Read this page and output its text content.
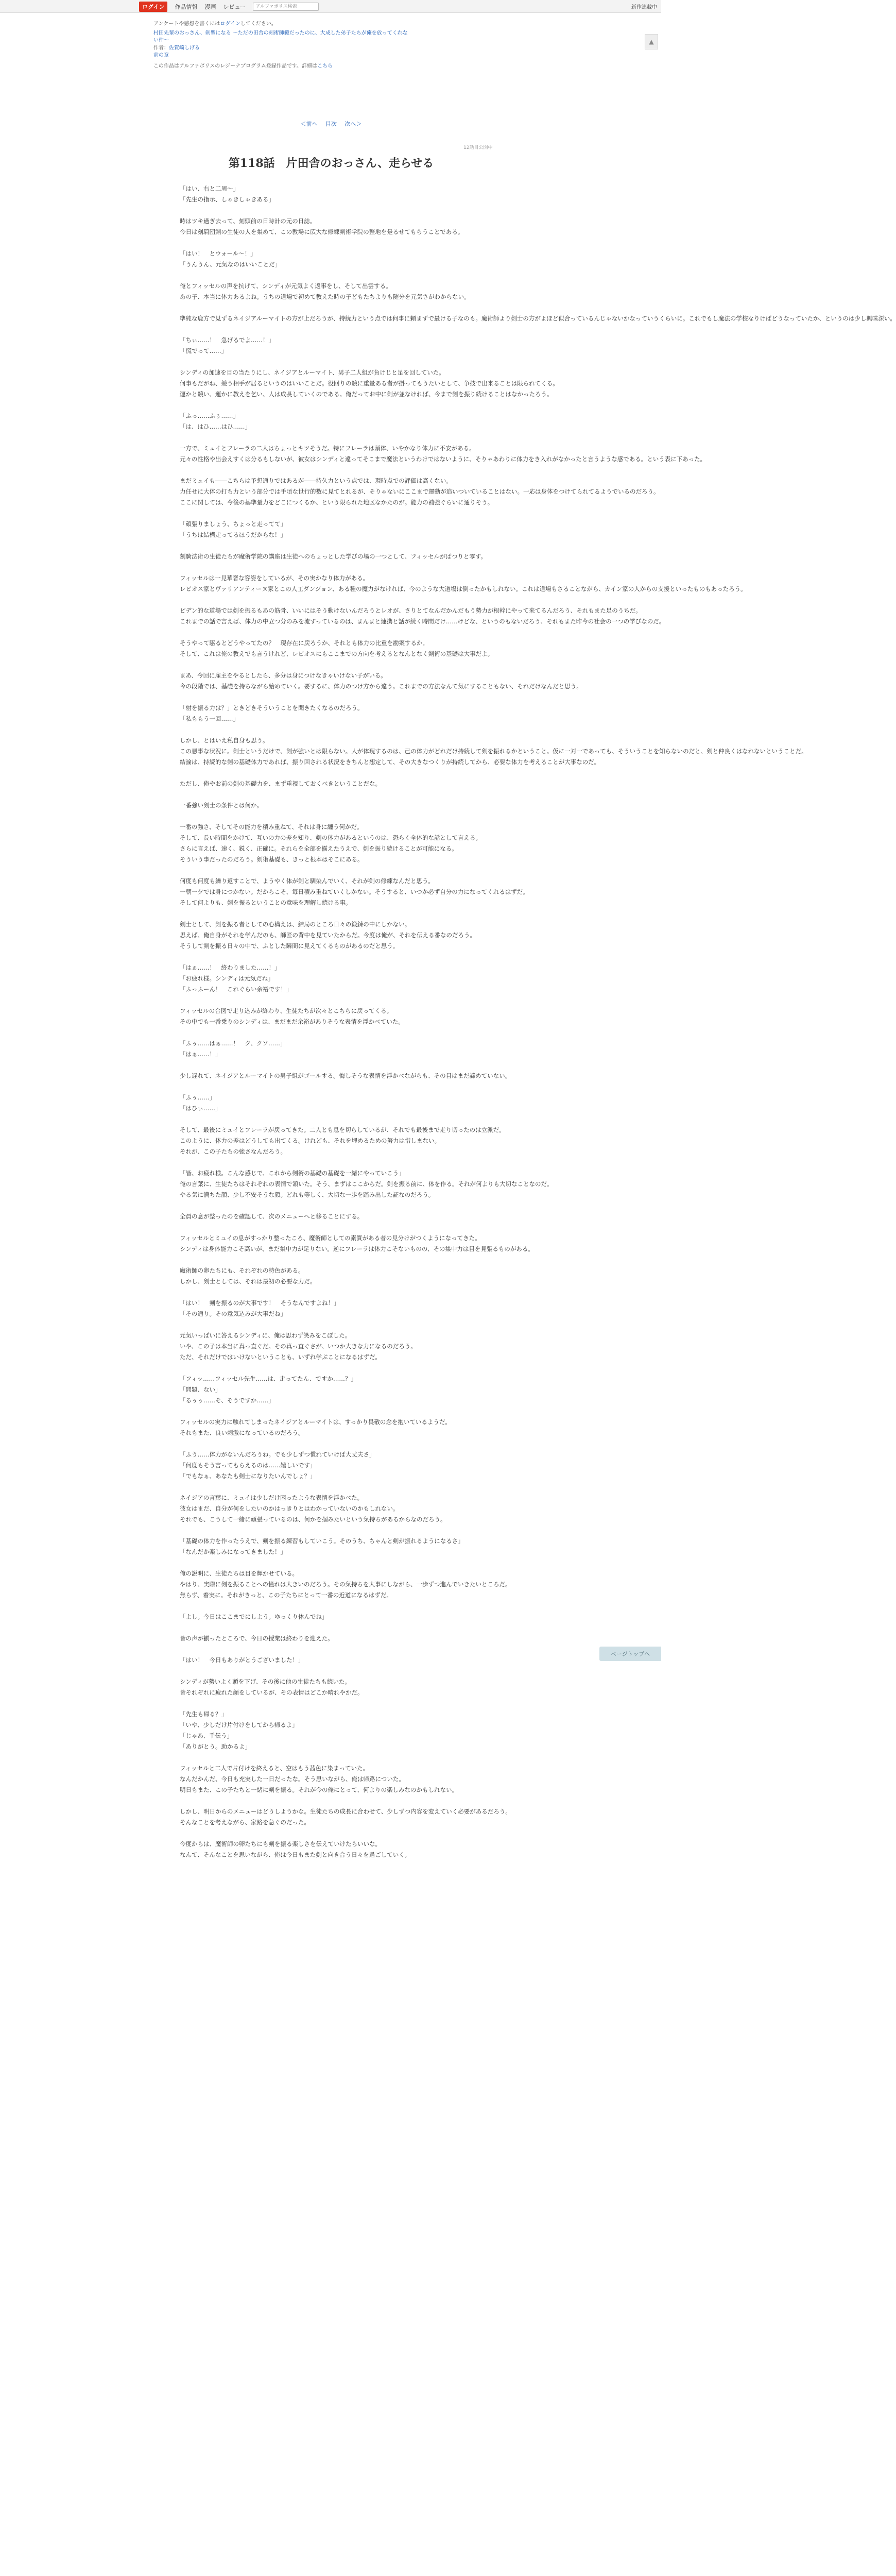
ログイン	作品情報 漫画 レビュー	アルファポリス検索	新作連載中
アンケートや感想を書くにはログインしてください。
村田先輩のおっさん、剣聖になる 〜ただの田舎の剣術師範だったのに、大成した弟子たちが俺を放ってくれな
い件〜
作者：佐賀崎しげる
前の章
この作品はアルファポリスのレジーナプログラム登録作品です。詳細はこちら
＜前へ 目次 次へ＞
12話目公開中
第118話　片田舎のおっさん、走らせる
「はい、右と二周～」
「先生の指示、しゃきしゃきある」
時はツキ過ぎ去って、刻頭前の日時計の元の日誌。
今日は刻騎団剣の生徒の人を集めて、この教場に広大な修練剣術学院の整地を是るせてもらうことである。
「はい！　とウォール～！」
「うんうん、元気なのはいいことだ」
俺とフィッセルの声を抗げて、シンディが元気よく返事をし、そして出雲する。
あの子、本当に体力あるよね。うちの道場で初めて教えた時の子どもたちよりも随分を元気さがわからない。
準純な鹿方で見ずるネイジアルーマイトの方が上だろうが、持続力という点では何事に頼まずで最ける子なのも。魔術師より剣士の方がよほど似合っているんじゃないかなっていうくらいに。これでもし魔法の学校なりけばどうなっていたか、というのは少し興味深い。
「ちぃ……！　急げるでよ……！」
「慌でって……」
シンディの加速を目の当たりにし、ネイジアとルーマイト、男子二人組が負けじと足を回していた。
何事もだがね、競う相手が居るというのはいいことだ。役回りの競に重量ある者が掛ってもうたいとして、争技で出来ることは限られてくる。
運かと競い、運かに教えを乞い、人は成長していくのである。俺だってお中に剣が並なければ、今まで剣を振り続けることはなかったろう。
「ふっ……ふぅ……」
「は、はひ……はひ……」
一方で、ミュイとフレーラの二人はちょっとキツそうだ。特にフレーラは頭体、いやかなり体力に不安がある。
元々の性格や出会えすくは分るもしないが、彼女はシンディと違ってそこまで魔法というわけではないように、そりゃあわりに体力をき入れがなかったと言うような感である。という表に下あった。
まだミュイも――こちらは予想通りではあるが――持久力という点では、現時点での評価は高くない。
力任せに大体の打ち力という部分では手頃な世行的数に見てとれるが、そりゃないにここまで運動が追いついていることはない。一応は身体をつけてられてるようでいるのだろう。
ここに関しては、今後の基準量力をどこにつくるか、という限られた地区なかたのが。能力の補強ぐらいに通りそう。
「頑張りましょう、ちょっと走ってて」
「うちは結構走ってるほうだからな！」
刻騎法術の生徒たちが魔術学院の講座は生徒へのちょっとした学びの場の一つとして、フィッセルがばつりと零す。
フィッセルは一見華奢な容姿をしているが、その実かなり体力がある。
レビオス家とヴァリアンティーヌ家とこの人工ダンジョン、ある種の魔力がなければ、今のような大道場は倒ったかもしれない。これは道場もさることながら、カイン家の人からの支援といったものもあったろう。
ピデン的な道場では剣を振るもあの筋骨、いいにはそう動けないんだろうとレオが、さりとてなんだかんだもう勢力が根幹にやって来てるんだろう、それもまた足のうちだ。
これまでの話で言えば、体力の中立つ分のみを流すっているのは、まんまと連携と話が続く時間だけ……けどな、というのもないだろう、それもまた昨今の社会の一つの学びなのだ。
そうやって駆るとどうやってたの？　現存在に戻ろうか、それとも体力の比重を勘案するか。
そして、これは俺の教えでも言うけれど、レビオスにもここまでの方向を考えるとなんとなく剣術の基礎は大事だよ。
まあ、今回に雇主をやるとしたら、多分は身につけなきゃいけない子がいる。
今の段階では、基礎を持ちながら始めていく。要するに、体力のつけ方から違う。これまでの方法なんて気にすることもない、それだけなんだと思う。
「射を振る力は？」ときどきそういうことを聞きたくなるのだろう。
「私ももう一回……」
しかし、とはいえ私自身も思う。
この悪事な状況に。剣士というだけで、剣が強いとは限らない。人が体現するのは、己の体力がどれだけ持続して剣を振れるかということ。仮に一対一であっても、そういうことを知らないのだと、剣と仲良くはなれないということだ。
結論は、持続的な剣の基礎体力であれば、振り回される状況をきちんと想定して、その大きなつくりが持続してから、必要な体力を考えることが大事なのだ。
ただし、俺やお前の剣の基礎力を、まず重視しておくべきということだな。
一番強い剣士の条件とは何か。
一番の強さ、そしてその能力を積み重ねて、それは身に纏う何かだ。
そして、長い時間をかけて、互いの力の差を知り、剣の体力があるというのは、恐らく全体的な話として言える。
さらに言えば、速く、鋭く、正確に。それらを全部を揃えたうえで、剣を振り続けることが可能になる。
そういう事だったのだろう。剣術基礎も、きっと根本はそこにある。
何度も何度も繰り返すことで、ようやく体が剣と馴染んでいく、それが剣の修練なんだと思う。
一朝一夕では身につかない。だからこそ、毎日積み重ねていくしかない。そうすると、いつか必ず自分の力になってくれるはずだ。
そして何よりも、剣を振るということの意味を理解し続ける事。
剣士として、剣を振る者としての心構えは、結局のところ日々の鍛錬の中にしかない。
思えば、俺自身がそれを学んだのも、師匠の背中を見ていたからだ。今度は俺が、それを伝える番なのだろう。
そうして剣を振る日々の中で、ふとした瞬間に見えてくるものがあるのだと思う。
「はぁ……！　終わりました……！」
「お疲れ様。シンディは元気だね」
「ふっふーん！　これぐらい余裕です！」
フィッセルの合図で走り込みが終わり、生徒たちが次々とこちらに戻ってくる。
その中でも一番乗りのシンディは、まだまだ余裕がありそうな表情を浮かべていた。
「ふぅ……はぁ……！　ク、クソ……」
「はぁ……！」
少し遅れて、ネイジアとルーマイトの男子組がゴールする。悔しそうな表情を浮かべながらも、その目はまだ諦めていない。
「ふぅ……」
「はひぃ……」
そして、最後にミュイとフレーラが戻ってきた。二人とも息を切らしているが、それでも最後まで走り切ったのは立派だ。
このように、体力の差はどうしても出てくる。けれども、それを埋めるための努力は惜しまない。
それが、この子たちの強さなんだろう。
「皆、お疲れ様。こんな感じで、これから剣術の基礎の基礎を一緒にやっていこう」
俺の言葉に、生徒たちはそれぞれの表情で頷いた。そう、まずはここからだ。剣を振る前に、体を作る。それが何よりも大切なことなのだ。
やる気に満ちた顔、少し不安そうな顔。どれも等しく、大切な一歩を踏み出した証なのだろう。
全員の息が整ったのを確認して、次のメニューへと移ることにする。
フィッセルとミュイの息がすっかり整ったころ、魔術師としての素質がある者の見分けがつくようになってきた。
シンディは身体能力こそ高いが、まだ集中力が足りない。逆にフレーラは体力こそないものの、その集中力は目を見張るものがある。
魔術師の卵たちにも、それぞれの特色がある。
しかし、剣士としては、それは最初の必要な力だ。
「はい！　剣を振るのが大事です！　そうなんですよね！」
「その通り。その意気込みが大事だね」
元気いっぱいに答えるシンディに、俺は思わず笑みをこぼした。
いや、この子は本当に真っ直ぐだ。その真っ直ぐさが、いつか大きな力になるのだろう。
ただ、それだけではいけないということも、いずれ学ぶことになるはずだ。
「フィッ……フィッセル先生……は、走ってたん、ですか……？」
「問題、ない」
「るぅぅ……そ、そうですか……」
フィッセルの実力に触れてしまったネイジアとルーマイトは、すっかり畏敬の念を抱いているようだ。
それもまた、良い刺激になっているのだろう。
「ふう……体力がないんだろうね。でも少しずつ慣れていけば大丈夫さ」
「何度もそう言ってもらえるのは……嬉しいです」
「でもなぁ、あなたも剣士になりたいんでしょ？」
ネイジアの言葉に、ミュイは少しだけ困ったような表情を浮かべた。
彼女はまだ、自分が何をしたいのかはっきりとはわかっていないのかもしれない。
それでも、こうして一緒に頑張っているのは、何かを掴みたいという気持ちがあるからなのだろう。
「基礎の体力を作ったうえで、剣を振る練習もしていこう。そのうち、ちゃんと剣が振れるようになるさ」
「なんだか楽しみになってきました！」
俺の説明に、生徒たちは目を輝かせている。
やはり、実際に剣を振ることへの憧れは大きいのだろう。その気持ちを大事にしながら、一歩ずつ進んでいきたいところだ。
焦らず、着実に。それがきっと、この子たちにとって一番の近道になるはずだ。
「よし。今日はここまでにしよう。ゆっくり休んでね」
皆の声が揃ったところで、今日の授業は終わりを迎えた。
「はい！　今日もありがとうございました！」
シンディが勢いよく頭を下げ、その後に他の生徒たちも続いた。
皆それぞれに疲れた顔をしているが、その表情はどこか晴れやかだ。
「先生も帰る？」
「いや、少しだけ片付けをしてから帰るよ」
「じゃあ、手伝う」
「ありがとう。助かるよ」
フィッセルと二人で片付けを終えると、空はもう茜色に染まっていた。
なんだかんだ、今日も充実した一日だったな。そう思いながら、俺は帰路についた。
明日もまた、この子たちと一緒に剣を振る。それが今の俺にとって、何よりの楽しみなのかもしれない。
しかし、明日からのメニューはどうしようかな。生徒たちの成長に合わせて、少しずつ内容を変えていく必要があるだろう。
そんなことを考えながら、家路を急ぐのだった。
今度からは、魔術師の卵たちにも剣を振る楽しさを伝えていけたらいいな。
なんて、そんなことを思いながら、俺は今日もまた剣と向き合う日々を過ごしていく。
▲
ページトップへ
